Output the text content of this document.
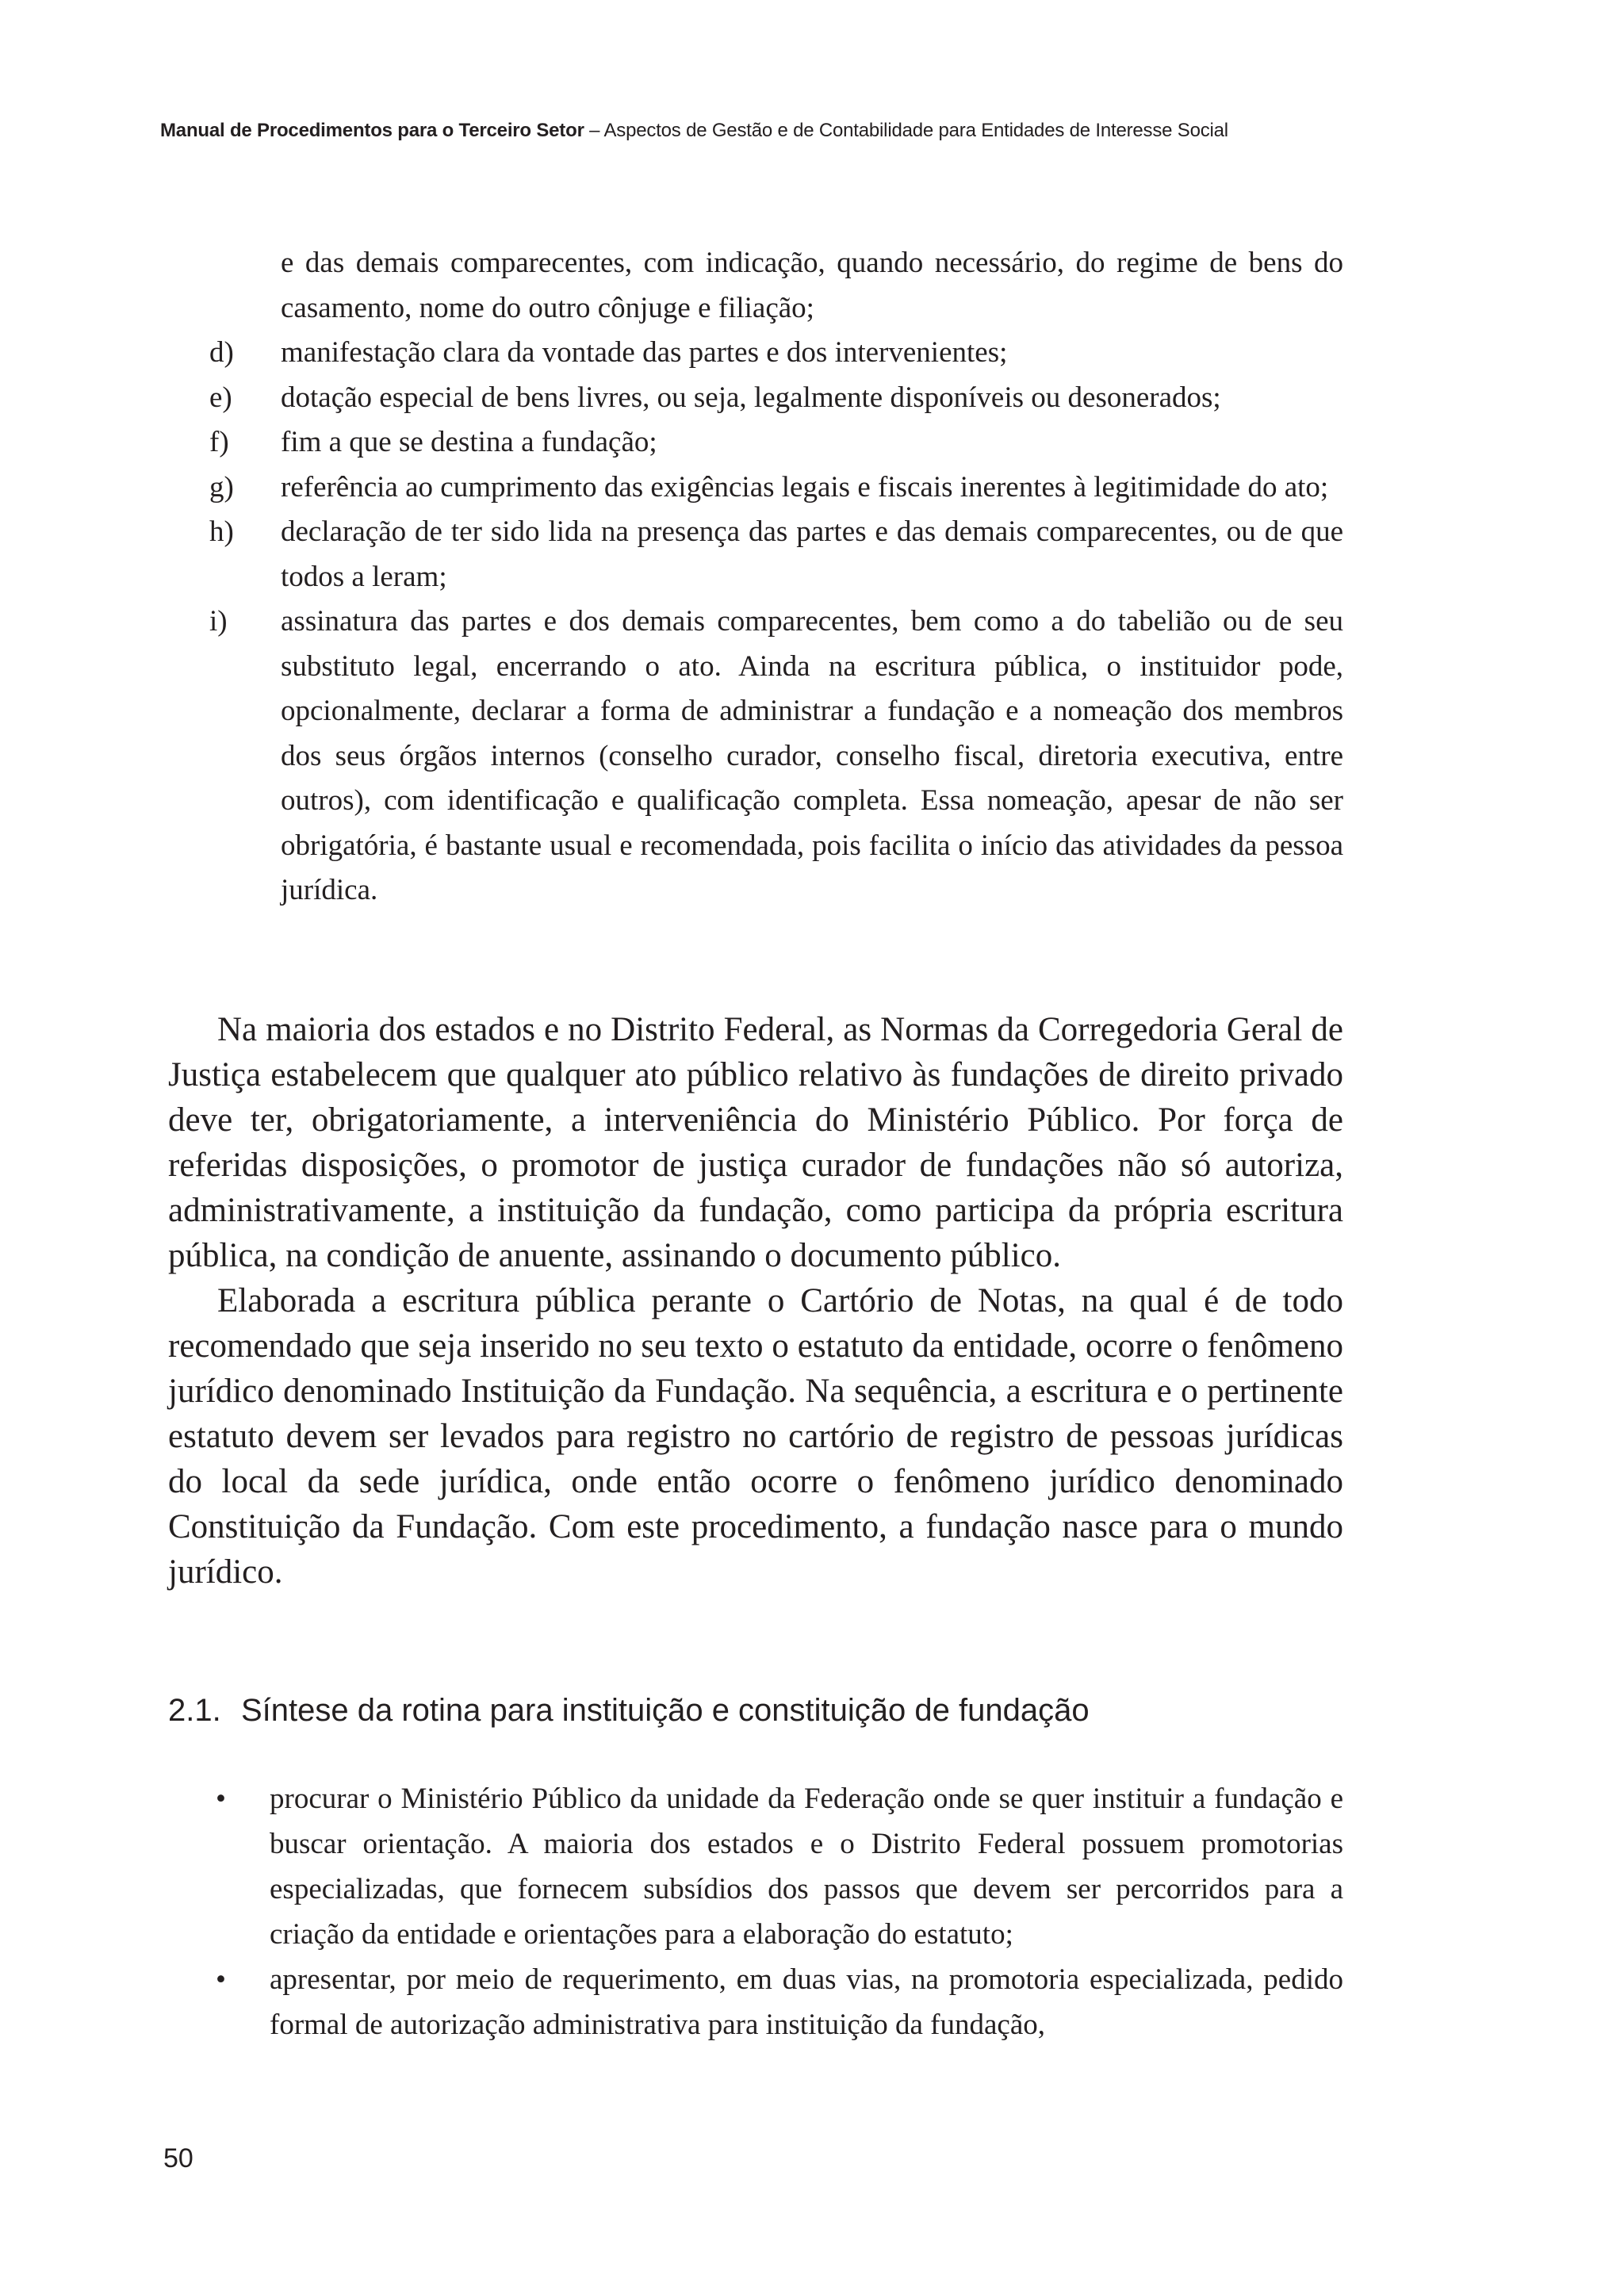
Manual de Procedimentos para o Terceiro Setor – Aspectos de Gestão e de Contabilidade para Entidades de Interesse Social
e das demais comparecentes, com indicação, quando necessário, do regime de bens do casamento, nome do outro cônjuge e filiação;
d) manifestação clara da vontade das partes e dos intervenientes;
e) dotação especial de bens livres, ou seja, legalmente disponíveis ou desonerados;
f) fim a que se destina a fundação;
g) referência ao cumprimento das exigências legais e fiscais inerentes à legitimidade do ato;
h) declaração de ter sido lida na presença das partes e das demais comparecentes, ou de que todos a leram;
i) assinatura das partes e dos demais comparecentes, bem como a do tabelião ou de seu substituto legal, encerrando o ato. Ainda na escritura pública, o instituidor pode, opcionalmente, declarar a forma de administrar a fundação e a nomeação dos membros dos seus órgãos internos (conselho curador, conselho fiscal, diretoria executiva, entre outros), com identificação e qualificação completa. Essa nomeação, apesar de não ser obrigatória, é bastante usual e recomendada, pois facilita o início das atividades da pessoa jurídica.

Na maioria dos estados e no Distrito Federal, as Normas da Corregedoria Geral de Justiça estabelecem que qualquer ato público relativo às fundações de direito privado deve ter, obrigatoriamente, a interveniência do Ministério Público. Por força de referidas disposições, o promotor de justiça curador de fundações não só autoriza, administrativamente, a instituição da fundação, como participa da própria escritura pública, na condição de anuente, assinando o documento público.

Elaborada a escritura pública perante o Cartório de Notas, na qual é de todo recomendado que seja inserido no seu texto o estatuto da entidade, ocorre o fenômeno jurídico denominado Instituição da Fundação. Na sequência, a escritura e o pertinente estatuto devem ser levados para registro no cartório de registro de pessoas jurídicas do local da sede jurídica, onde então ocorre o fenômeno jurídico denominado Constituição da Fundação. Com este procedimento, a fundação nasce para o mundo jurídico.

2.1. Síntese da rotina para instituição e constituição de fundação
• procurar o Ministério Público da unidade da Federação onde se quer instituir a fundação e buscar orientação. A maioria dos estados e o Distrito Federal possuem promotorias especializadas, que fornecem subsídios dos passos que devem ser percorridos para a criação da entidade e orientações para a elaboração do estatuto;
• apresentar, por meio de requerimento, em duas vias, na promotoria especializada, pedido formal de autorização administrativa para instituição da fundação,
50
